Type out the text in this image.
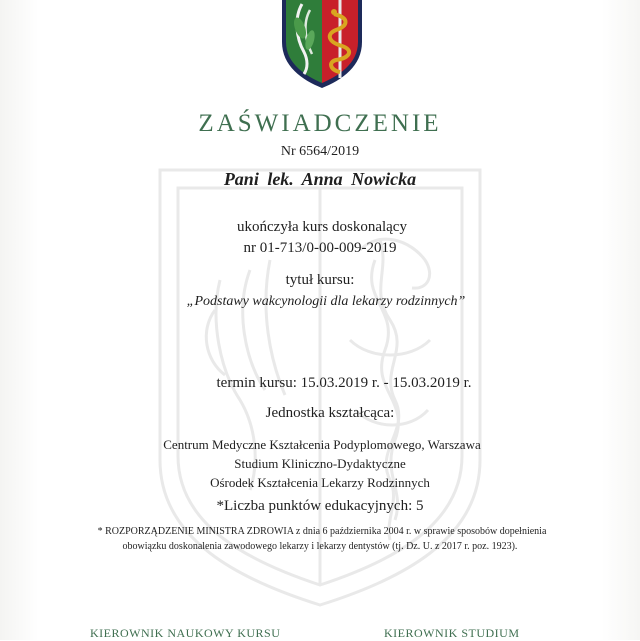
ZAŚWIADCZENIE
Nr 6564/2019
Pani lek. Anna Nowicka
ukończyła kurs doskonalący
nr 01-713/0-00-009-2019
tytuł kursu:
„Podstawy wakcynologii dla lekarzy rodzinnych”
termin kursu: 15.03.2019 r. - 15.03.2019 r.
Jednostka kształcąca:
Centrum Medyczne Kształcenia Podyplomowego, Warszawa
Studium Kliniczno-Dydaktyczne
Ośrodek Kształcenia Lekarzy Rodzinnych
*Liczba punktów edukacyjnych: 5
* ROZPORZĄDZENIE MINISTRA ZDROWIA z dnia 6 października 2004 r. w sprawie sposobów dopełnienia
obowiązku doskonalenia zawodowego lekarzy i lekarzy dentystów (tj. Dz. U. z 2017 r. poz. 1923).
KIEROWNIK NAUKOWY KURSU	KIEROWNIK STUDIUM
